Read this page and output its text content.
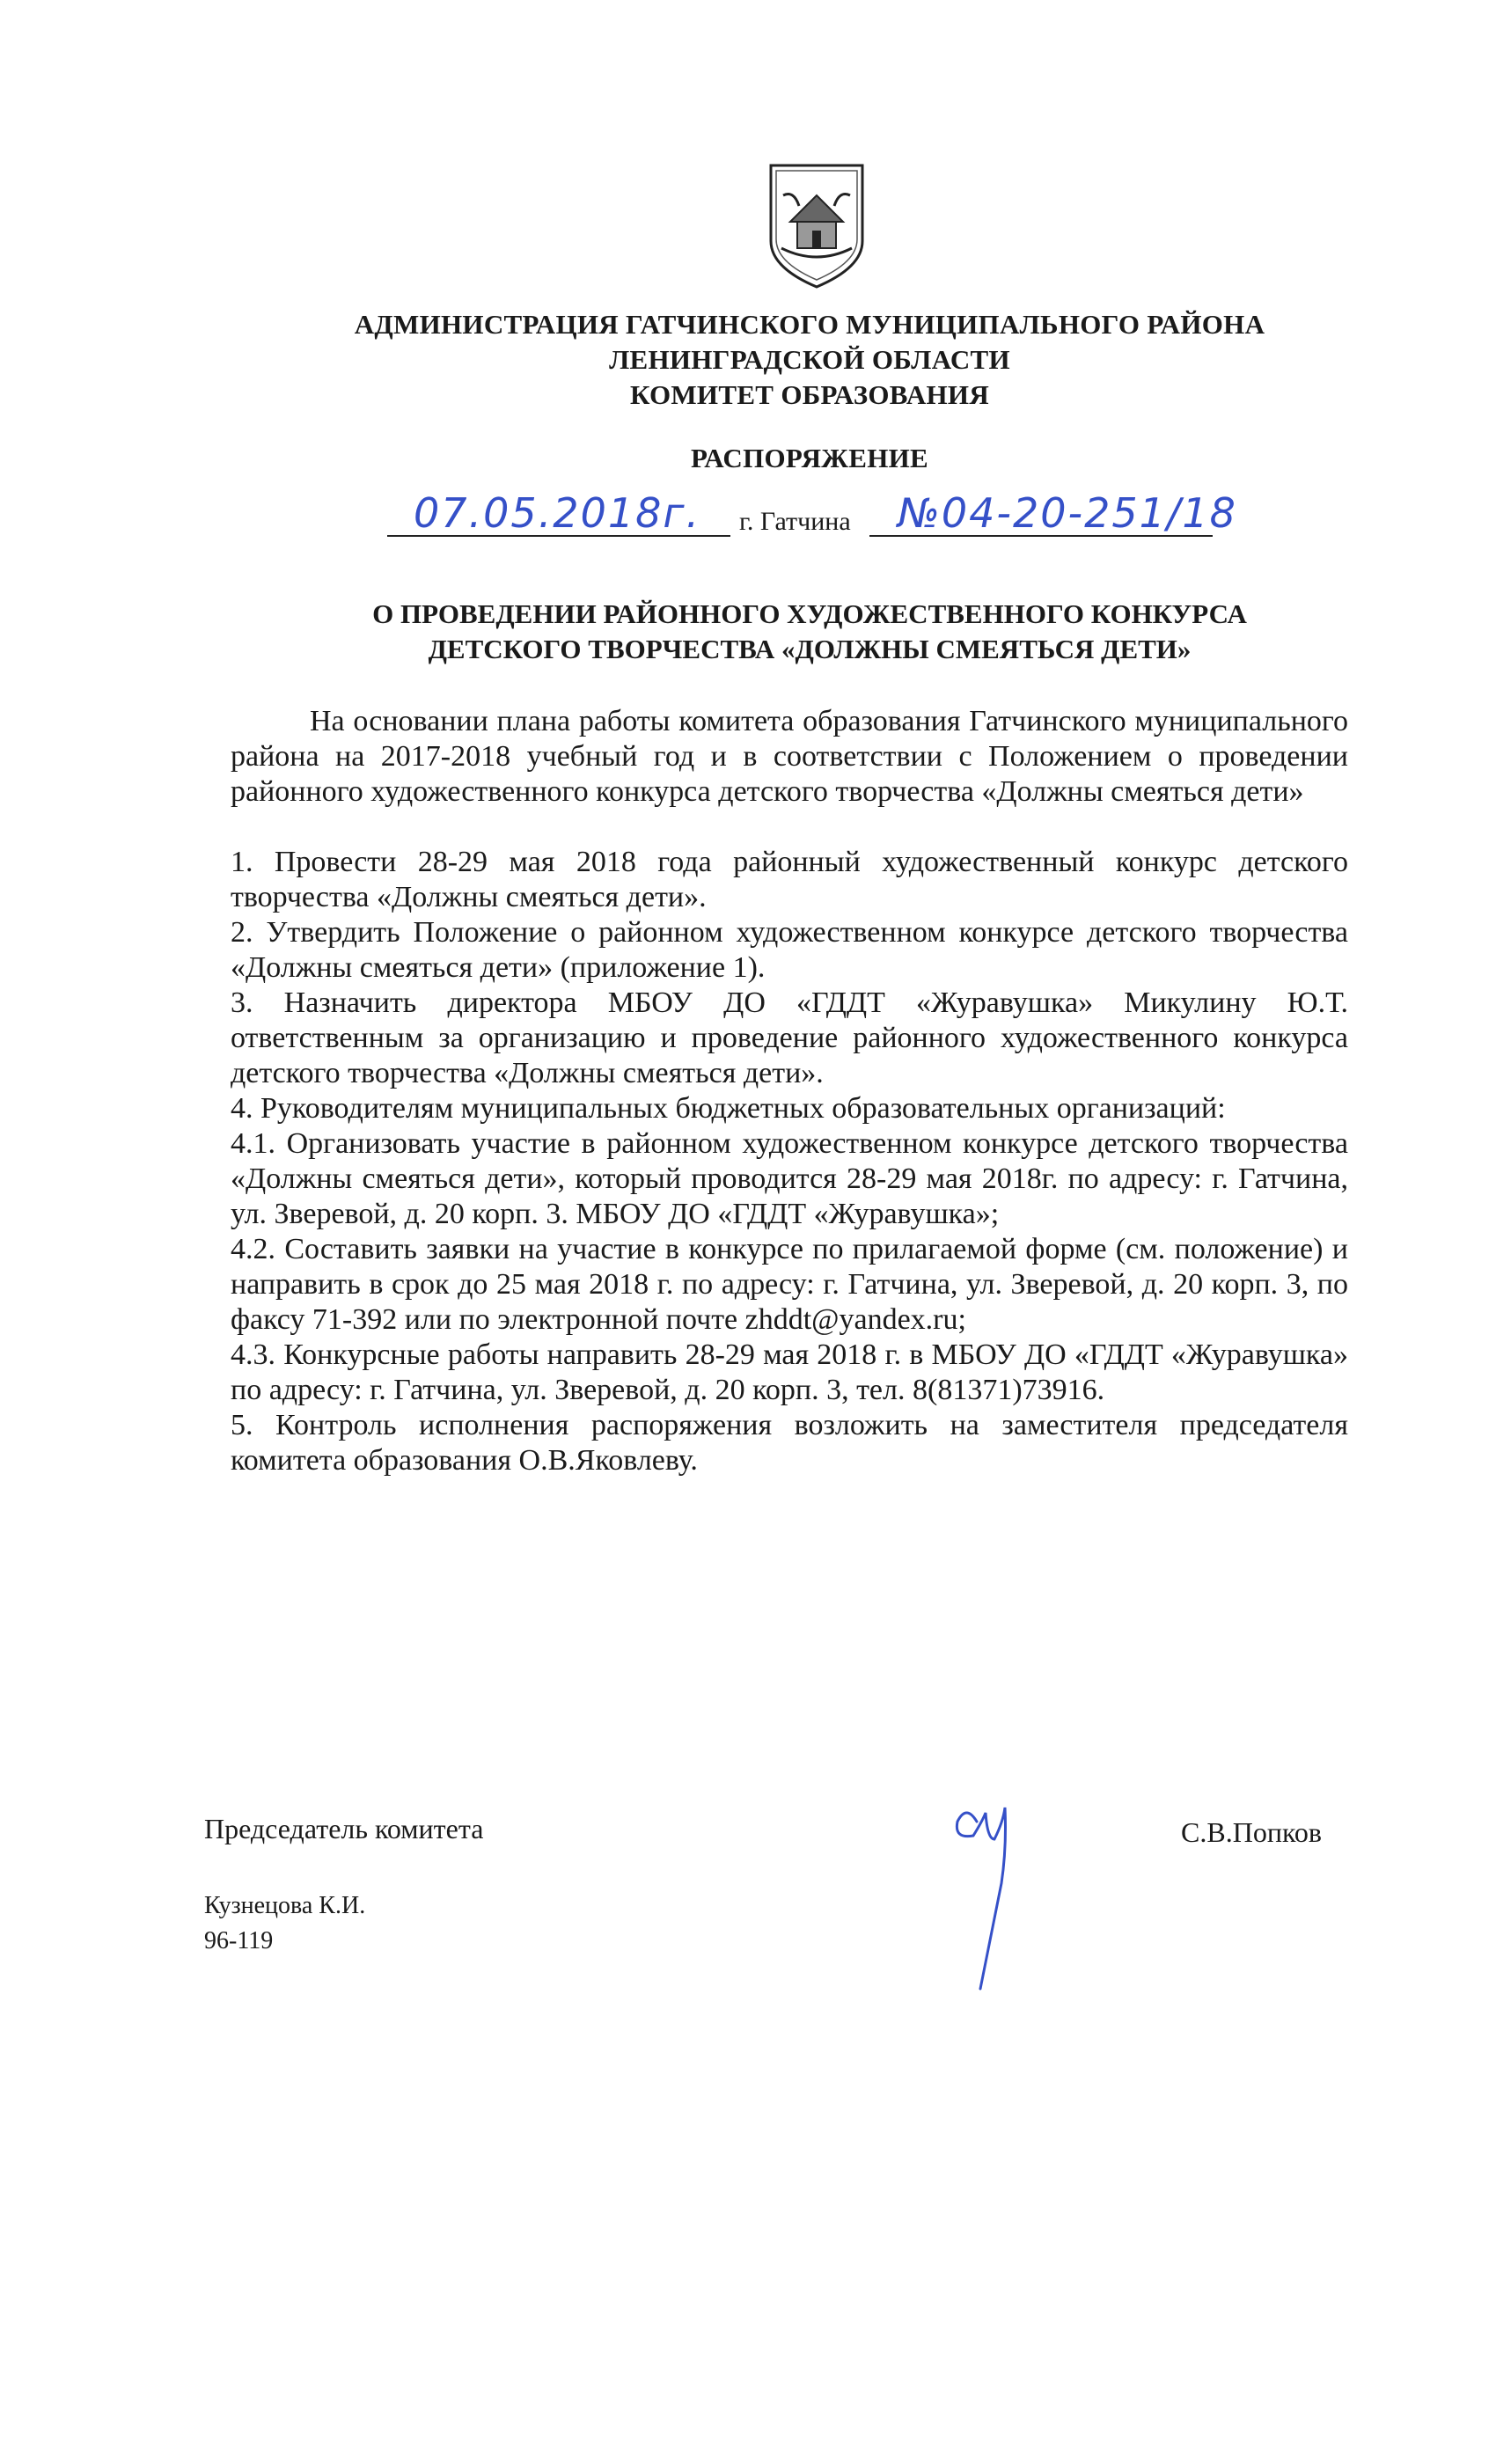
АДМИНИСТРАЦИЯ ГАТЧИНСКОГО МУНИЦИПАЛЬНОГО РАЙОНА
ЛЕНИНГРАДСКОЙ ОБЛАСТИ
КОМИТЕТ ОБРАЗОВАНИЯ
РАСПОРЯЖЕНИЕ
07.05.2018г. г. Гатчина №04-20-251/18
О ПРОВЕДЕНИИ РАЙОННОГО ХУДОЖЕСТВЕННОГО КОНКУРСА
ДЕТСКОГО ТВОРЧЕСТВА «ДОЛЖНЫ СМЕЯТЬСЯ ДЕТИ»

На основании плана работы комитета образования Гатчинского муниципального района на 2017-2018 учебный год и в соответствии с Положением о проведении районного художественного конкурса детского творчества «Должны смеяться дети»

1. Провести 28-29 мая 2018 года районный художественный конкурс детского творчества «Должны смеяться дети».

2. Утвердить Положение о районном художественном конкурсе детского творчества «Должны смеяться дети» (приложение 1).

3. Назначить директора МБОУ ДО «ГДДТ «Журавушка» Микулину Ю.Т. ответственным за организацию и проведение районного художественного конкурса детского творчества «Должны смеяться дети».

4. Руководителям муниципальных бюджетных образовательных организаций:

4.1. Организовать участие в районном художественном конкурсе детского творчества «Должны смеяться дети», который проводится 28-29 мая 2018г. по адресу: г. Гатчина, ул. Зверевой, д. 20 корп. 3. МБОУ ДО «ГДДТ «Журавушка»;

4.2. Составить заявки на участие в конкурсе по прилагаемой форме (см. положение) и направить в срок до 25 мая 2018 г. по адресу: г. Гатчина, ул. Зверевой, д. 20 корп. 3, по факсу 71-392 или по электронной почте zhddt@yandex.ru;

4.3. Конкурсные работы направить 28-29 мая 2018 г. в МБОУ ДО «ГДДТ «Журавушка» по адресу: г. Гатчина, ул. Зверевой, д. 20 корп. 3, тел. 8(81371)73916.

5. Контроль исполнения распоряжения возложить на заместителя председателя комитета образования О.В.Яковлеву.

Председатель комитета	С.В.Попков
Кузнецова К.И.
96-119
